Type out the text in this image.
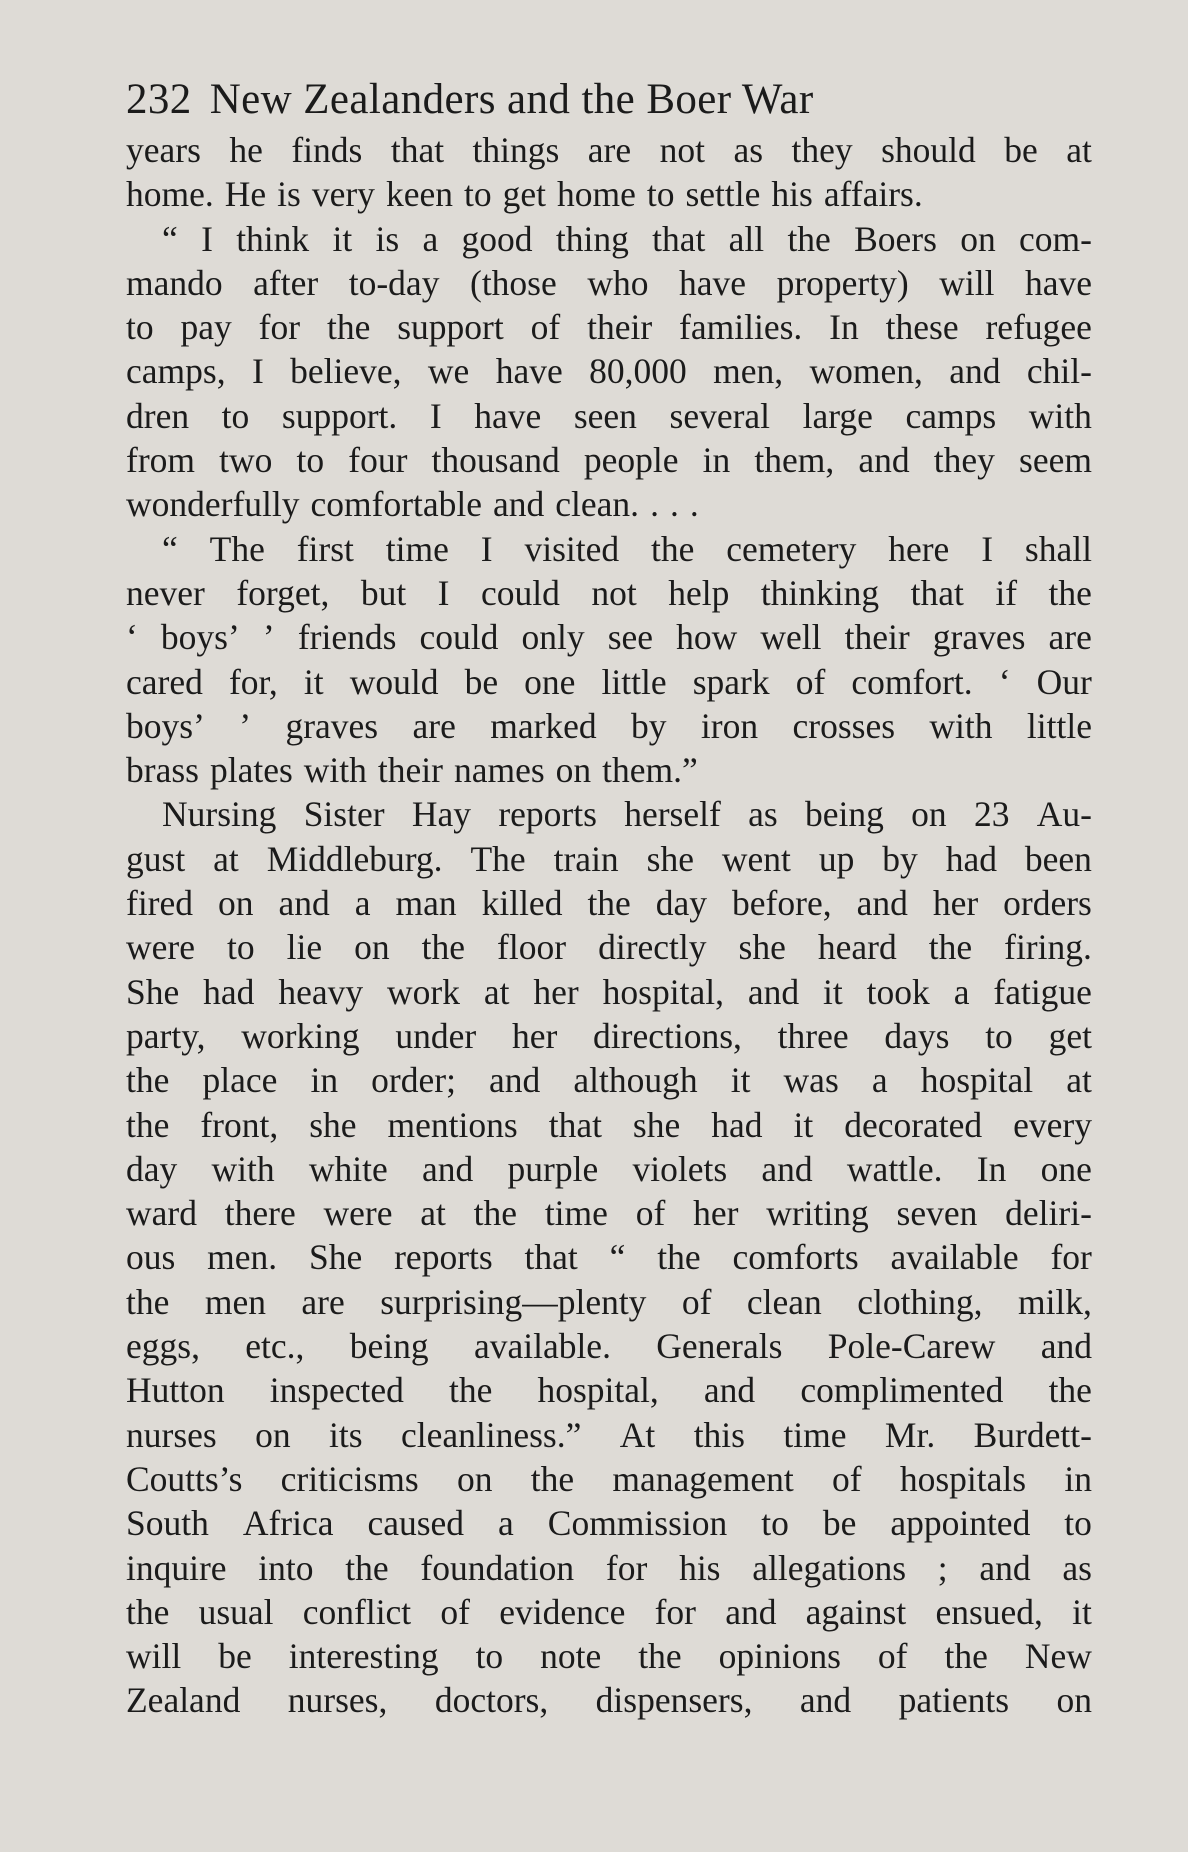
232 New Zealanders and the Boer War
years he finds that things are not as they should be at
home. He is very keen to get home to settle his affairs.
“ I think it is a good thing that all the Boers on com-
mando after to-day (those who have property) will have
to pay for the support of their families. In these refugee
camps, I believe, we have 80,000 men, women, and chil-
dren to support. I have seen several large camps with
from two to four thousand people in them, and they seem
wonderfully comfortable and clean. . . .
“ The first time I visited the cemetery here I shall
never forget, but I could not help thinking that if the
‘ boys’ ’ friends could only see how well their graves are
cared for, it would be one little spark of comfort. ‘ Our
boys’ ’ graves are marked by iron crosses with little
brass plates with their names on them.”
Nursing Sister Hay reports herself as being on 23 Au-
gust at Middleburg. The train she went up by had been
fired on and a man killed the day before, and her orders
were to lie on the floor directly she heard the firing.
She had heavy work at her hospital, and it took a fatigue
party, working under her directions, three days to get
the place in order; and although it was a hospital at
the front, she mentions that she had it decorated every
day with white and purple violets and wattle. In one
ward there were at the time of her writing seven deliri-
ous men. She reports that “ the comforts available for
the men are surprising—plenty of clean clothing, milk,
eggs, etc., being available. Generals Pole-Carew and
Hutton inspected the hospital, and complimented the
nurses on its cleanliness.” At this time Mr. Burdett-
Coutts’s criticisms on the management of hospitals in
South Africa caused a Commission to be appointed to
inquire into the foundation for his allegations ; and as
the usual conflict of evidence for and against ensued, it
will be interesting to note the opinions of the New
Zealand nurses, doctors, dispensers, and patients on
